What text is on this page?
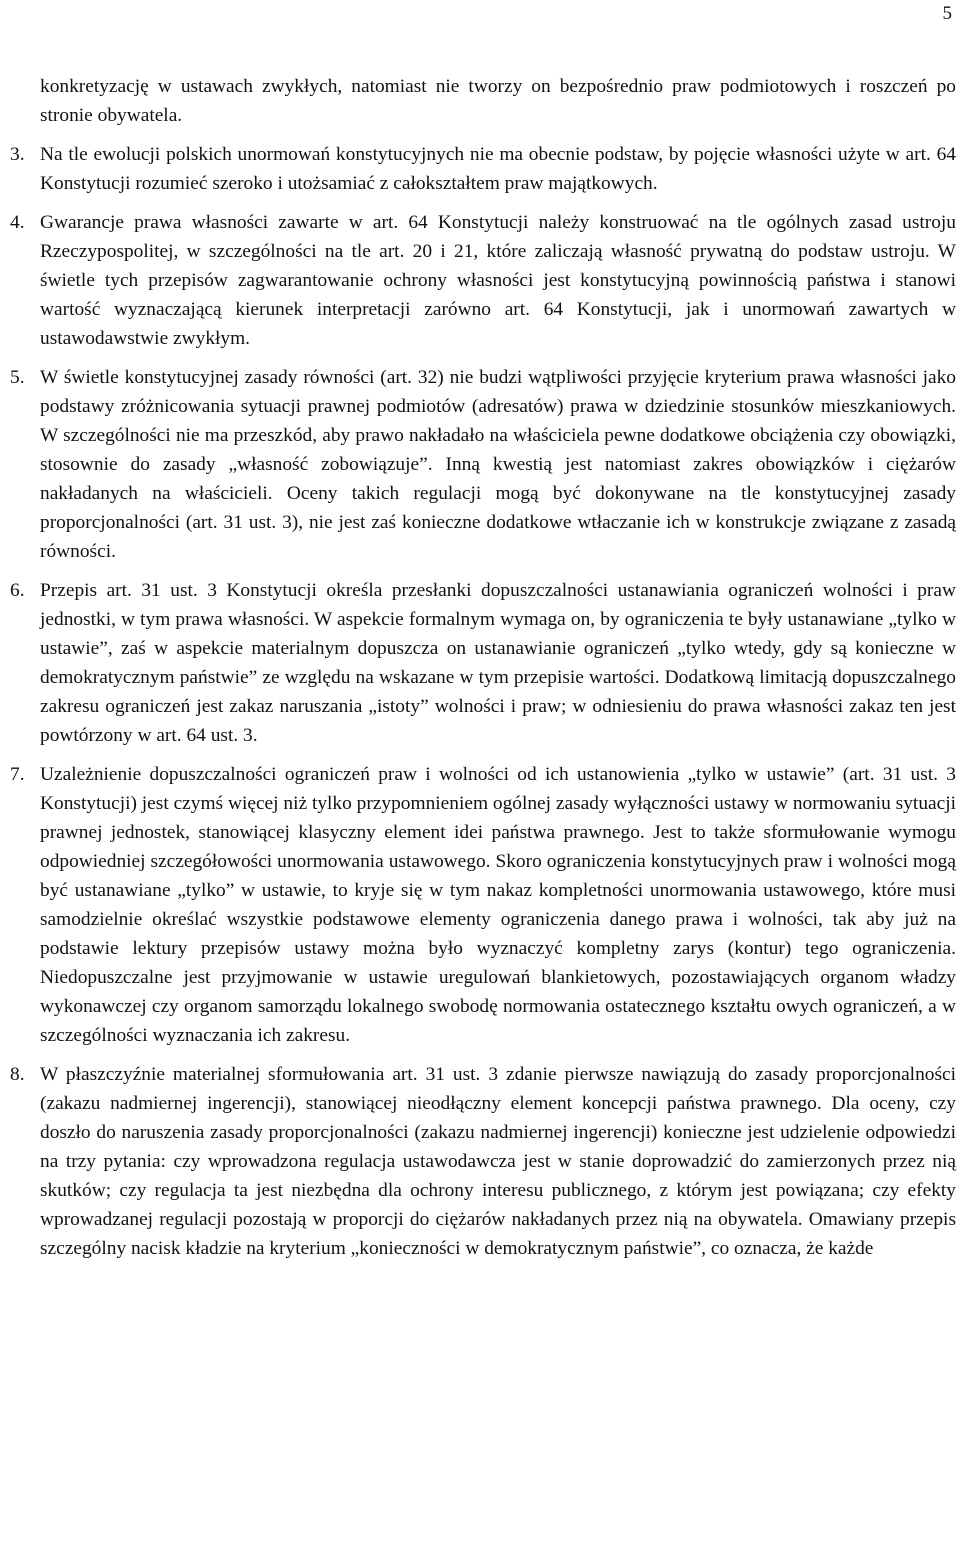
5

konkretyzację w ustawach zwykłych, natomiast nie tworzy on bezpośrednio praw podmiotowych i roszczeń po stronie obywatela.

3. Na tle ewolucji polskich unormowań konstytucyjnych nie ma obecnie podstaw, by pojęcie własności użyte w art. 64 Konstytucji rozumieć szeroko i utożsamiać z całokształtem praw majątkowych.
4. Gwarancje prawa własności zawarte w art. 64 Konstytucji należy konstruować na tle ogólnych zasad ustroju Rzeczypospolitej, w szczególności na tle art. 20 i 21, które zaliczają własność prywatną do podstaw ustroju. W świetle tych przepisów zagwarantowanie ochrony własności jest konstytucyjną powinnością państwa i stanowi wartość wyznaczającą kierunek interpretacji zarówno art. 64 Konstytucji, jak i unormowań zawartych w ustawodawstwie zwykłym.
5. W świetle konstytucyjnej zasady równości (art. 32) nie budzi wątpliwości przyjęcie kryterium prawa własności jako podstawy zróżnicowania sytuacji prawnej podmiotów (adresatów) prawa w dziedzinie stosunków mieszkaniowych. W szczególności nie ma przeszkód, aby prawo nakładało na właściciela pewne dodatkowe obciążenia czy obowiązki, stosownie do zasady „własność zobowiązuje”. Inną kwestią jest natomiast zakres obowiązków i ciężarów nakładanych na właścicieli. Oceny takich regulacji mogą być dokonywane na tle konstytucyjnej zasady proporcjonalności (art. 31 ust. 3), nie jest zaś konieczne dodatkowe wtłaczanie ich w konstrukcje związane z zasadą równości.
6. Przepis art. 31 ust. 3 Konstytucji określa przesłanki dopuszczalności ustanawiania ograniczeń wolności i praw jednostki, w tym prawa własności. W aspekcie formalnym wymaga on, by ograniczenia te były ustanawiane „tylko w ustawie”, zaś w aspekcie materialnym dopuszcza on ustanawianie ograniczeń „tylko wtedy, gdy są konieczne w demokratycznym państwie” ze względu na wskazane w tym przepisie wartości. Dodatkową limitacją dopuszczalnego zakresu ograniczeń jest zakaz naruszania „istoty” wolności i praw; w odniesieniu do prawa własności zakaz ten jest powtórzony w art. 64 ust. 3.
7. Uzależnienie dopuszczalności ograniczeń praw i wolności od ich ustanowienia „tylko w ustawie” (art. 31 ust. 3 Konstytucji) jest czymś więcej niż tylko przypomnieniem ogólnej zasady wyłączności ustawy w normowaniu sytuacji prawnej jednostek, stanowiącej klasyczny element idei państwa prawnego. Jest to także sformułowanie wymogu odpowiedniej szczegółowości unormowania ustawowego. Skoro ograniczenia konstytucyjnych praw i wolności mogą być ustanawiane „tylko” w ustawie, to kryje się w tym nakaz kompletności unormowania ustawowego, które musi samodzielnie określać wszystkie podstawowe elementy ograniczenia danego prawa i wolności, tak aby już na podstawie lektury przepisów ustawy można było wyznaczyć kompletny zarys (kontur) tego ograniczenia. Niedopuszczalne jest przyjmowanie w ustawie uregulowań blankietowych, pozostawiających organom władzy wykonawczej czy organom samorządu lokalnego swobodę normowania ostatecznego kształtu owych ograniczeń, a w szczególności wyznaczania ich zakresu.
8. W płaszczyźnie materialnej sformułowania art. 31 ust. 3 zdanie pierwsze nawiązują do zasady proporcjonalności (zakazu nadmiernej ingerencji), stanowiącej nieodłączny element koncepcji państwa prawnego. Dla oceny, czy doszło do naruszenia zasady proporcjonalności (zakazu nadmiernej ingerencji) konieczne jest udzielenie odpowiedzi na trzy pytania: czy wprowadzona regulacja ustawodawcza jest w stanie doprowadzić do zamierzonych przez nią skutków; czy regulacja ta jest niezbędna dla ochrony interesu publicznego, z którym jest powiązana; czy efekty wprowadzanej regulacji pozostają w proporcji do ciężarów nakładanych przez nią na obywatela. Omawiany przepis szczególny nacisk kładzie na kryterium „konieczności w demokratycznym państwie”, co oznacza, że każde
